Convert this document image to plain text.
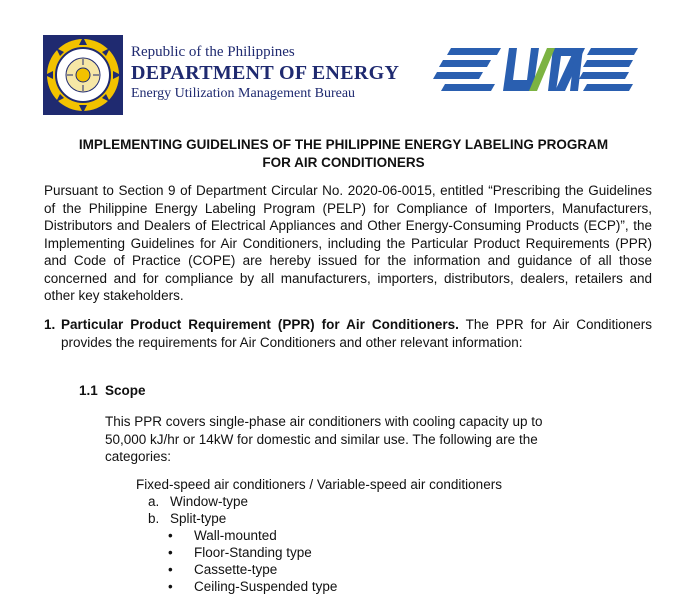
Republic of the Philippines
DEPARTMENT OF ENERGY
Energy Utilization Management Bureau
IMPLEMENTING GUIDELINES OF THE PHILIPPINE ENERGY LABELING PROGRAM
FOR AIR CONDITIONERS
Pursuant to Section 9 of Department Circular No. 2020-06-0015, entitled “Prescribing the Guidelines of the Philippine Energy Labeling Program (PELP) for Compliance of Importers, Manufacturers, Distributors and Dealers of Electrical Appliances and Other Energy-Consuming Products (ECP)”, the Implementing Guidelines for Air Conditioners, including the Particular Product Requirements (PPR) and Code of Practice (COPE) are hereby issued for the information and guidance of all those concerned and for compliance by all manufacturers, importers, distributors, dealers, retailers and other key stakeholders.
1. Particular Product Requirement (PPR) for Air Conditioners. The PPR for Air Conditioners provides the requirements for Air Conditioners and other relevant information:
1.1 Scope
This PPR covers single-phase air conditioners with cooling capacity up to 50,000 kJ/hr or 14kW for domestic and similar use. The following are the categories:
Fixed-speed air conditioners / Variable-speed air conditioners
a. Window-type
b. Split-type
• Wall-mounted
• Floor-Standing type
• Cassette-type
• Ceiling-Suspended type
